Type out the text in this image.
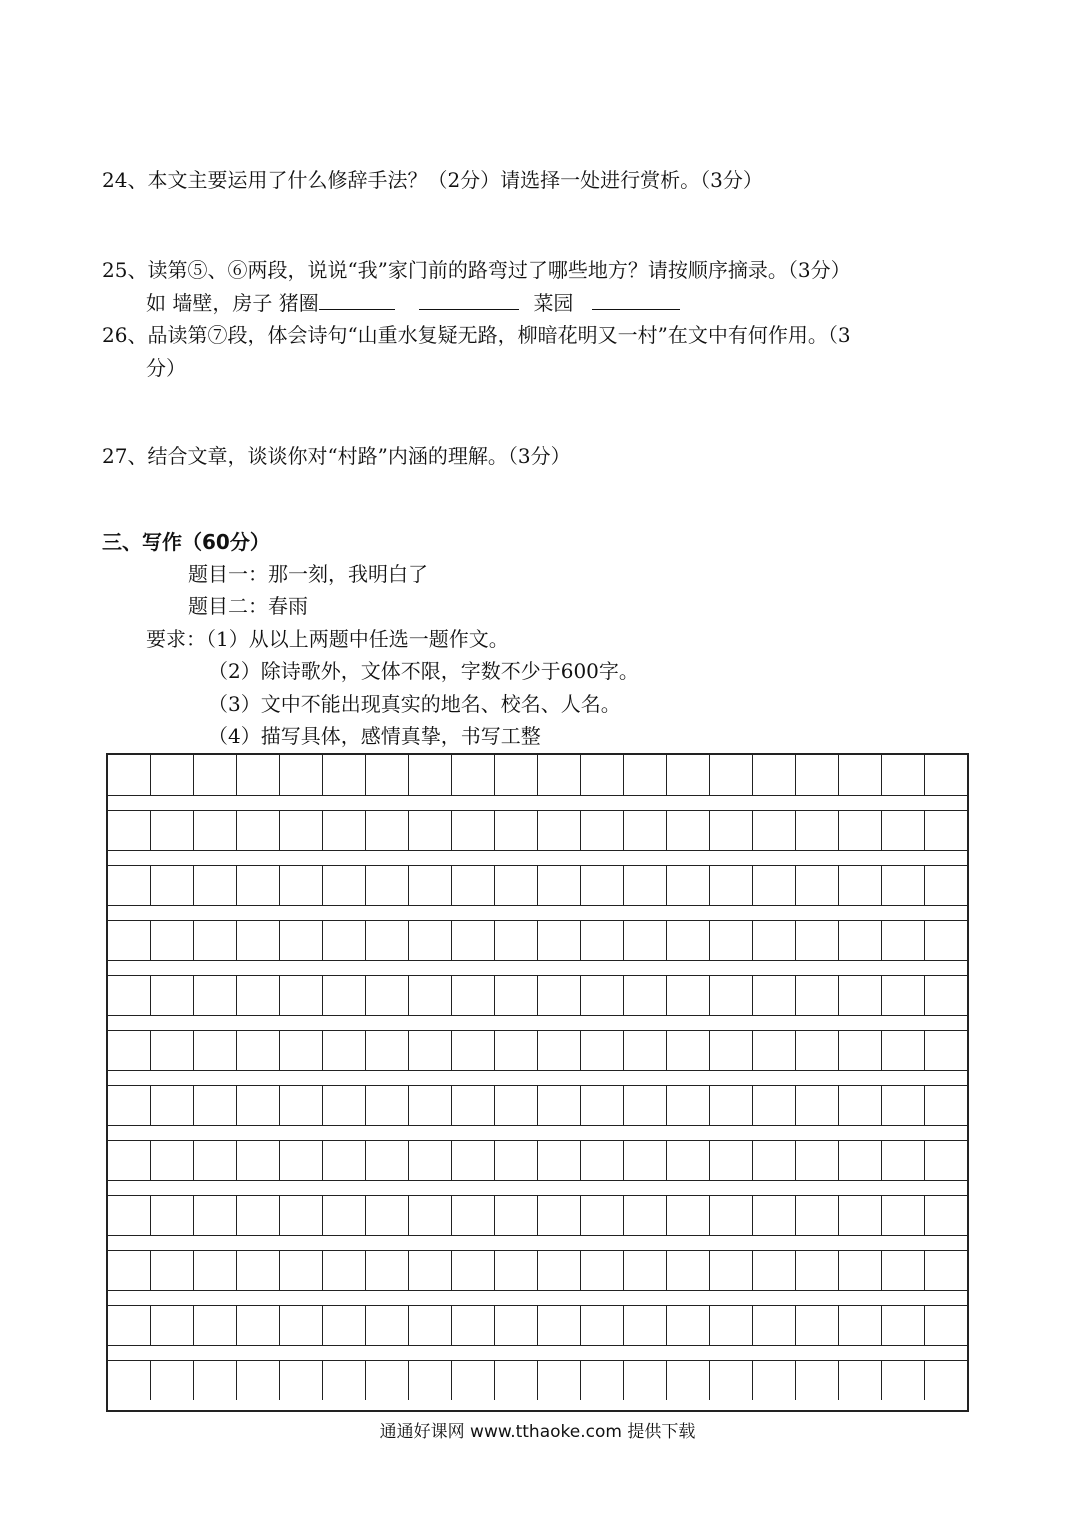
24、本文主要运用了什么修辞手法？（2分）请选择一处进行赏析。（3分）
25、读第⑤、⑥两段，说说“我”家门前的路弯过了哪些地方？请按顺序摘录。（3分）
如 墙壁，房子 猪圈	菜园
26、品读第⑦段，体会诗句“山重水复疑无路，柳暗花明又一村”在文中有何作用。（3
分）
27、结合文章，谈谈你对“村路”内涵的理解。（3分）
三、写作（60分）
题目一：那一刻，我明白了
题目二：春雨
要求：（1）从以上两题中任选一题作文。
（2）除诗歌外，文体不限，字数不少于600字。
（3）文中不能出现真实的地名、校名、人名。
（4）描写具体，感情真挚，书写工整
通通好课网 www.tthaoke.com 提供下载
